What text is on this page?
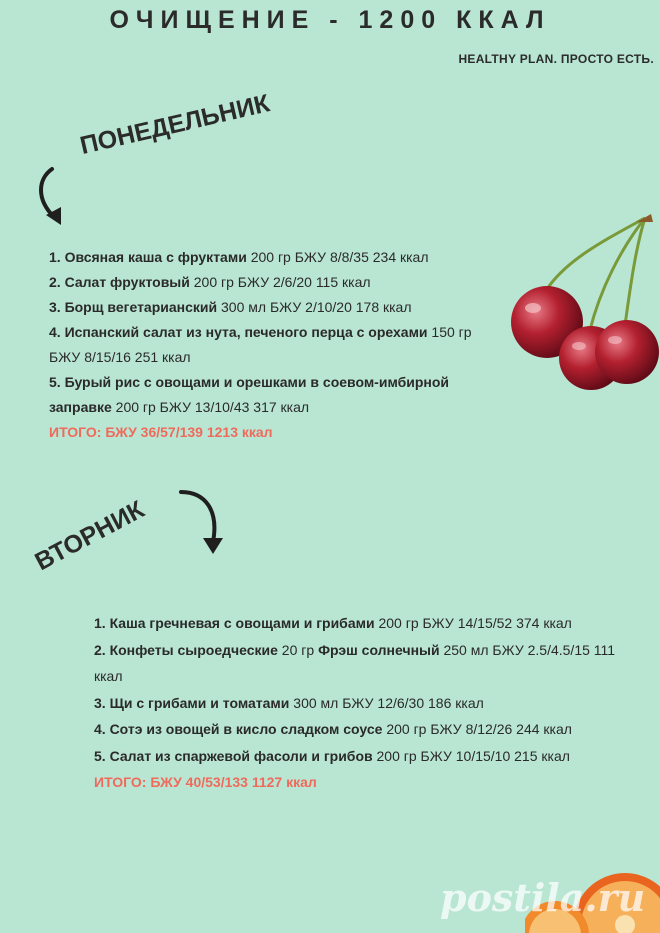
ОЧИЩЕНИЕ - 1200 ККАЛ
HEALTHY PLAN. ПРОСТО ЕСТЬ.
ПОНЕДЕЛЬНИК
1. Овсяная каша с фруктами 200 гр БЖУ 8/8/35 234 ккал
2. Салат фруктовый 200 гр БЖУ 2/6/20 115 ккал
3. Борщ вегетарианский 300 мл БЖУ 2/10/20 178 ккал
4. Испанский салат из нута, печеного перца с орехами 150 гр БЖУ 8/15/16 251 ккал
5. Бурый рис с овощами и орешками в соевом-имбирной заправке 200 гр БЖУ 13/10/43 317 ккал
ИТОГО: БЖУ 36/57/139 1213 ккал
ВТОРНИК
1. Каша гречневая с овощами и грибами 200 гр БЖУ 14/15/52 374 ккал
2. Конфеты сыроедческие 20 гр Фрэш солнечный 250 мл БЖУ 2.5/4.5/15 111 ккал
3. Щи с грибами и томатами 300 мл БЖУ 12/6/30 186 ккал
4. Сотэ из овощей в кисло сладком соусе 200 гр БЖУ 8/12/26 244 ккал
5. Салат из спаржевой фасоли и грибов 200 гр БЖУ 10/15/10 215 ккал
ИТОГО: БЖУ 40/53/133 1127 ккал
postila.ru
